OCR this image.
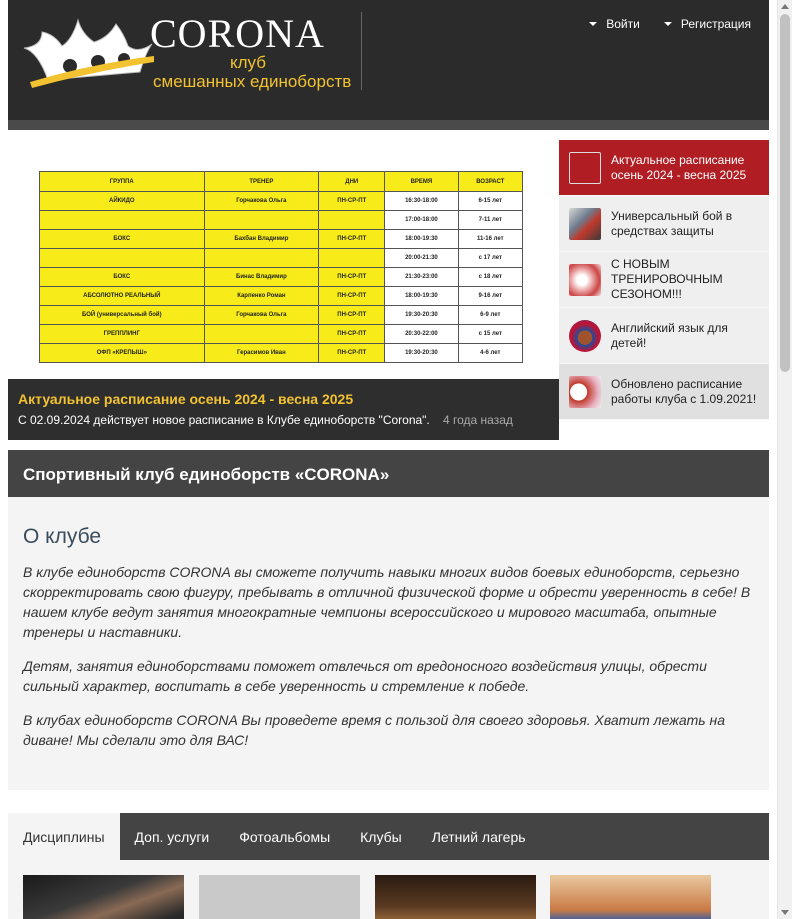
CORONA
клуб
смешанных единоборств
Войти	Регистрация
ГРУППА	ТРЕНЕР	ДНИ	ВРЕМЯ	ВОЗРАСТ
АЙКИДО	Горчакова Ольга	ПН-СР-ПТ	16:30-18:00	6-15 лет
			17:00-18:00	7-11 лет
БОКС	Бахбан Владимир	ПН-СР-ПТ	18:00-19:30	11-16 лет
			20:00-21:30	с 17 лет
БОКС	Бинас Владимир	ПН-СР-ПТ	21:30-23:00	с 18 лет
АБСОЛЮТНО РЕАЛЬНЫЙ	Карпенко Роман	ПН-СР-ПТ	18:00-19:30	9-16 лет
БОЙ (универсальный бой)	Горчакова Ольга	ПН-СР-ПТ	19:30-20:30	6-9 лет
ГРЕППЛИНГ		ПН-СР-ПТ	20:30-22:00	с 15 лет
ОФП «КРЕПЫШ»	Герасимов Иван	ПН-СР-ПТ	19:30-20:30	4-6 лет
Актуальное расписание осень 2024 - весна 2025
С 02.09.2024 действует новое расписание в Клубе единоборств "Corona". 4 года назад
Актуальное расписание осень 2024 - весна 2025
Универсальный бой в средствах защиты
С НОВЫМ ТРЕНИРОВОЧНЫМ СЕЗОНОМ!!!
Английский язык для детей!
Обновлено расписание работы клуба с 1.09.2021!
Спортивный клуб единоборств «CORONA»
О клубе

В клубе единоборств CORONA вы сможете получить навыки многих видов боевых единоборств, серьезно скорректировать свою фигуру, пребывать в отличной физической форме и обрести уверенность в себе! В нашем клубе ведут занятия многократные чемпионы всероссийского и мирового масштаба, опытные тренеры и наставники.

Детям, занятия единоборствами поможет отвлечься от вредоносного воздействия улицы, обрести сильный характер, воспитать в себе уверенность и стремление к победе.

В клубах единоборств CORONA Вы проведете время с пользой для своего здоровья. Хватит лежать на диване! Мы сделали это для ВАС!

Дисциплины	Доп. услуги	Фотоальбомы	Клубы	Летний лагерь
